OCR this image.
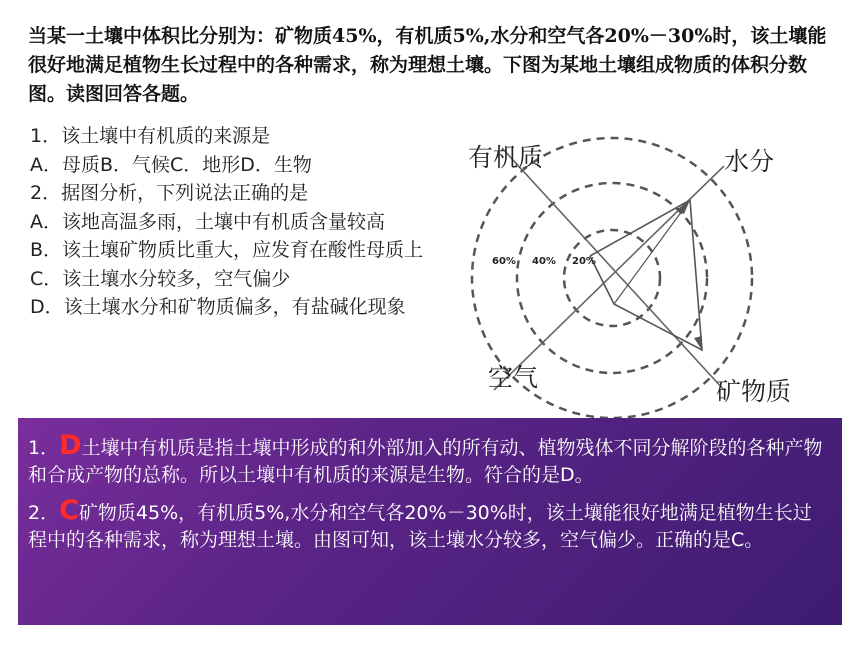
当某一土壤中体积比分别为：矿物质45%，有机质5%,水分和空气各20%－30%时，该土壤能很好地满足植物生长过程中的各种需求，称为理想土壤。下图为某地土壤组成物质的体积分数图。读图回答各题。
1．该土壤中有机质的来源是
A．母质B．气候C．地形D．生物
2．据图分析，下列说法正确的是
A．该地高温多雨，土壤中有机质含量较高
B．该土壤矿物质比重大，应发育在酸性母质上
C．该土壤水分较多，空气偏少
D．该土壤水分和矿物质偏多，有盐碱化现象
60% 40% 20%
有机质	水分
空气	矿物质

1．D土壤中有机质是指土壤中形成的和外部加入的所有动、植物残体不同分解阶段的各种产物和合成产物的总称。所以土壤中有机质的来源是生物。符合的是D。

2．C矿物质45%，有机质5%,水分和空气各20%－30%时，该土壤能很好地满足植物生长过程中的各种需求，称为理想土壤。由图可知，该土壤水分较多，空气偏少。正确的是C。
